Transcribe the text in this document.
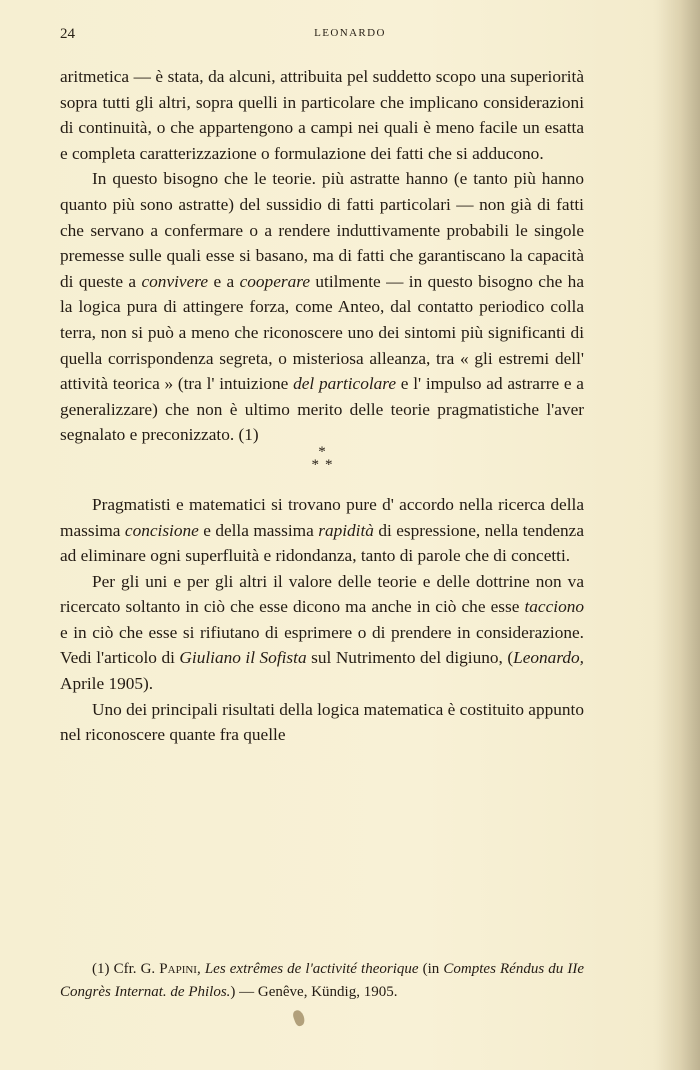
24	LEONARDO

aritmetica — è stata, da alcuni, attribuita pel suddetto scopo una superiorità sopra tutti gli altri, sopra quelli in particolare che implicano considerazioni di continuità, o che appartengono a campi nei quali è meno facile un esatta e completa caratterizzazione o formulazione dei fatti che si adducono.

In questo bisogno che le teorie. più astratte hanno (e tanto più hanno quanto più sono astratte) del sussidio di fatti particolari — non già di fatti che servano a confermare o a rendere induttivamente probabili le singole premesse sulle quali esse si basano, ma di fatti che garantiscano la capacità di queste a convivere e a cooperare utilmente — in questo bisogno che ha la logica pura di attingere forza, come Anteo, dal contatto periodico colla terra, non si può a meno che riconoscere uno dei sintomi più significanti di quella corrispondenza segreta, o misteriosa alleanza, tra « gli estremi dell' attività teorica » (tra l' intuizione del particolare e l' impulso ad astrarre e a generalizzare) che non è ultimo merito delle teorie pragmatistiche l'aver segnalato e preconizzato. (1)

*
**

Pragmatisti e matematici si trovano pure d' accordo nella ricerca della massima concisione e della massima rapidità di espressione, nella tendenza ad eliminare ogni superfluità e ridondanza, tanto di parole che di concetti.

Per gli uni e per gli altri il valore delle teorie e delle dottrine non va ricercato soltanto in ciò che esse dicono ma anche in ciò che esse tacciono e in ciò che esse si rifiutano di esprimere o di prendere in considerazione. Vedi l'articolo di Giuliano il Sofista sul Nutrimento del digiuno, (Leonardo, Aprile 1905).

Uno dei principali risultati della logica matematica è costituito appunto nel riconoscere quante fra quelle

(1) Cfr. G. Papini, Les extrêmes de l'activité theorique (in Comptes Réndus du IIe Congrès Internat. de Philos.) — Genêve, Kündig, 1905.
